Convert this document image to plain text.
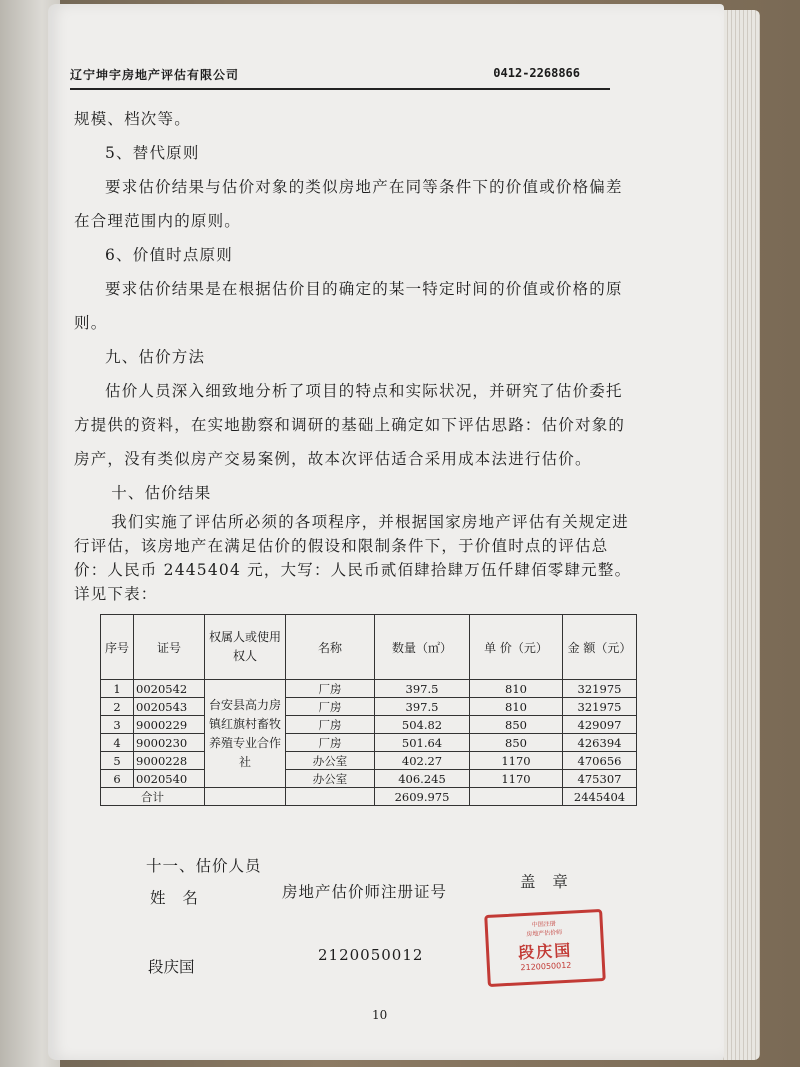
辽宁坤宇房地产评估有限公司	0412-2268866

规模、档次等。

5、替代原则

要求估价结果与估价对象的类似房地产在同等条件下的价值或价格偏差在合理范围内的原则。

6、价值时点原则

要求估价结果是在根据估价目的确定的某一特定时间的价值或价格的原则。

九、估价方法

估价人员深入细致地分析了项目的特点和实际状况，并研究了估价委托方提供的资料，在实地勘察和调研的基础上确定如下评估思路：估价对象的房产，没有类似房产交易案例，故本次评估适合采用成本法进行估价。

十、估价结果

我们实施了评估所必须的各项程序，并根据国家房地产评估有关规定进行评估，该房地产在满足估价的假设和限制条件下，于价值时点的评估总价：人民币 2445404 元，大写：人民币贰佰肆拾肆万伍仟肆佰零肆元整。详见下表：

序号	证号	权属人或使用权人	名称	数量（㎡）	单 价（元）	金 额（元）
1	0020542	台安县高力房镇红旗村畜牧养殖专业合作社	厂房	397.5	810	321975
2	0020543		厂房	397.5	810	321975
3	9000229		厂房	504.82	850	429097
4	9000230		厂房	501.64	850	426394
5	9000228		办公室	402.27	1170	470656
6	0020540		办公室	406.245	1170	475307
合计				2609.975		2445404
十一、估价人员
姓 名	房地产估价师注册证号
盖 章
段庆国
2120050012
中国注册
房地产估价师
段庆国
2120050012
10
